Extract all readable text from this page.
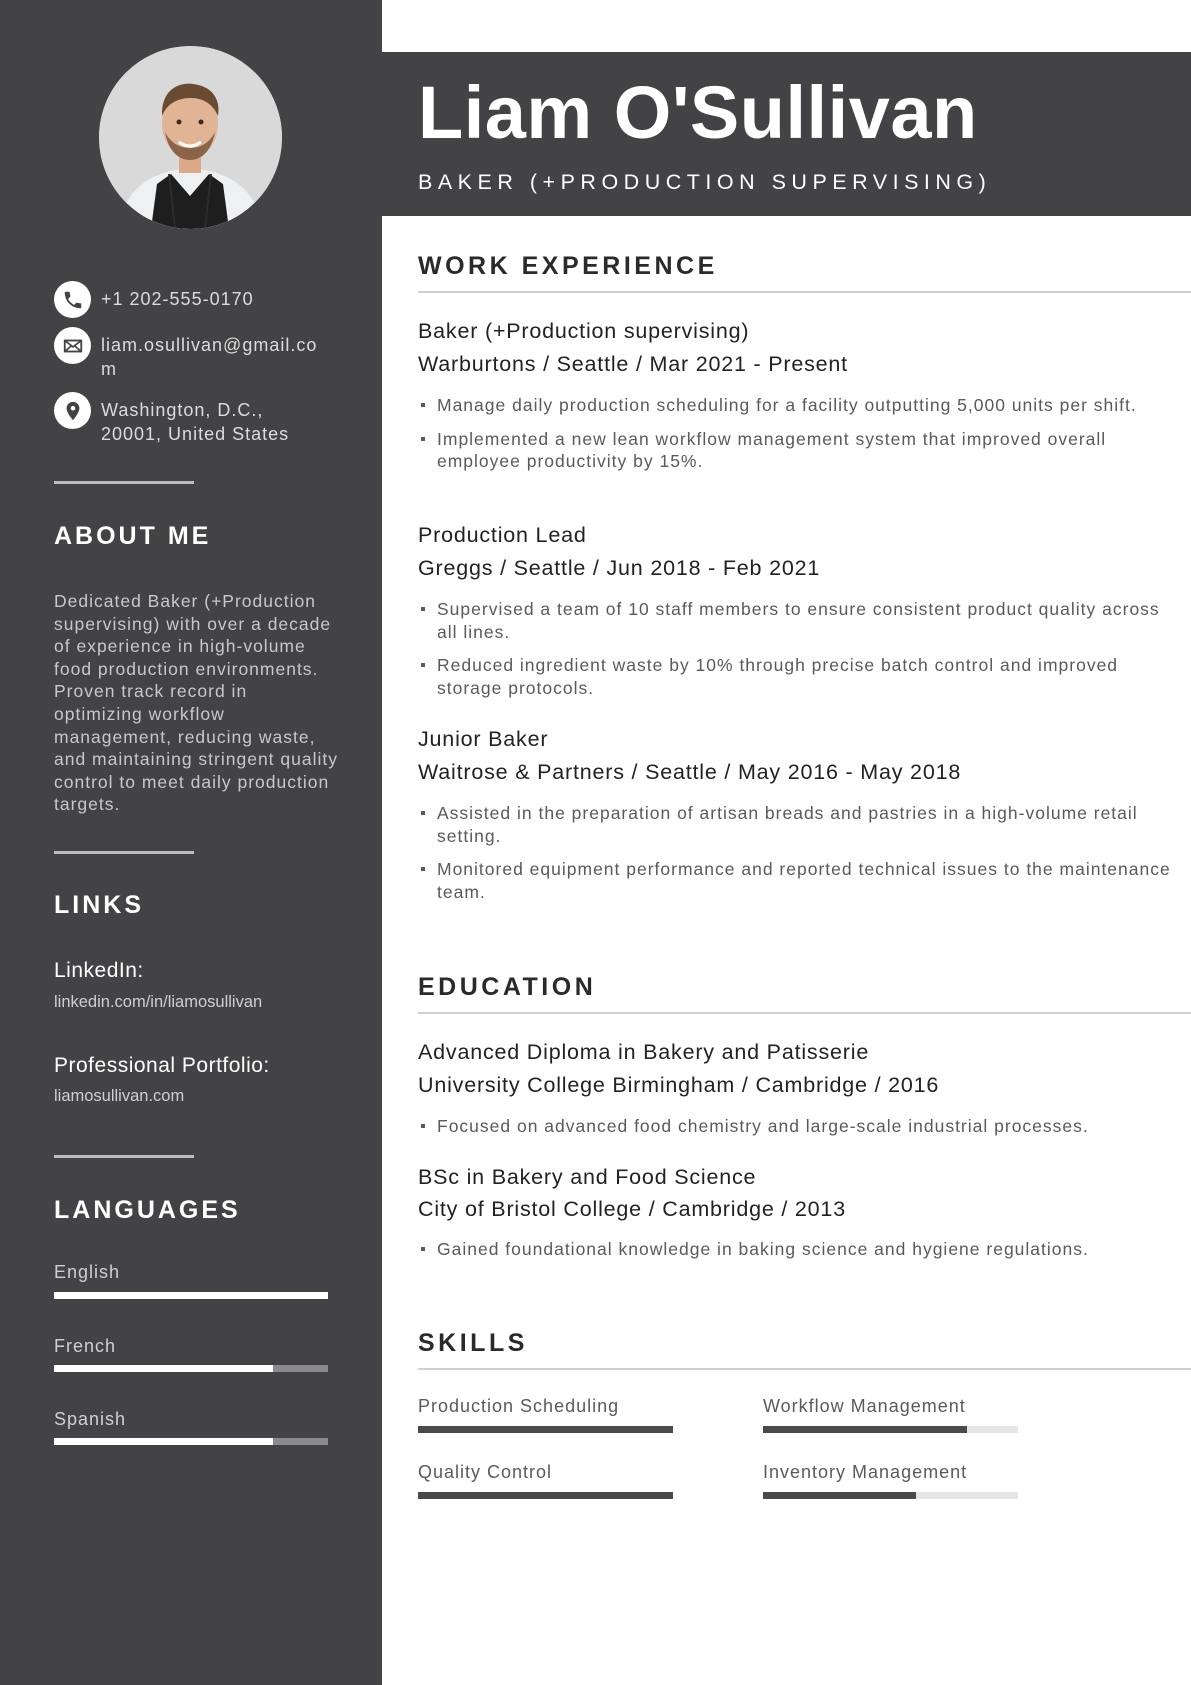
+1 202-555-0170
liam.osullivan@gmail.com
Washington, D.C., 20001, United States
ABOUT ME
Dedicated Baker (+Production supervising) with over a decade of experience in high-volume food production environments. Proven track record in optimizing workflow management, reducing waste, and maintaining stringent quality control to meet daily production targets.
LINKS
LinkedIn:
linkedin.com/in/liamosullivan
Professional Portfolio:
liamosullivan.com
LANGUAGES
English
French
Spanish
Liam O'Sullivan
BAKER (+PRODUCTION SUPERVISING)
WORK EXPERIENCE
Baker (+Production supervising)
Warburtons / Seattle / Mar 2021 - Present
Manage daily production scheduling for a facility outputting 5,000 units per shift.
Implemented a new lean workflow management system that improved overall employee productivity by 15%.
Production Lead
Greggs / Seattle / Jun 2018 - Feb 2021
Supervised a team of 10 staff members to ensure consistent product quality across all lines.
Reduced ingredient waste by 10% through precise batch control and improved storage protocols.
Junior Baker
Waitrose & Partners / Seattle / May 2016 - May 2018
Assisted in the preparation of artisan breads and pastries in a high-volume retail setting.
Monitored equipment performance and reported technical issues to the maintenance team.
EDUCATION
Advanced Diploma in Bakery and Patisserie
University College Birmingham / Cambridge / 2016
Focused on advanced food chemistry and large-scale industrial processes.
BSc in Bakery and Food Science
City of Bristol College / Cambridge / 2013
Gained foundational knowledge in baking science and hygiene regulations.
SKILLS
Production Scheduling	Workflow Management
Quality Control	Inventory Management
